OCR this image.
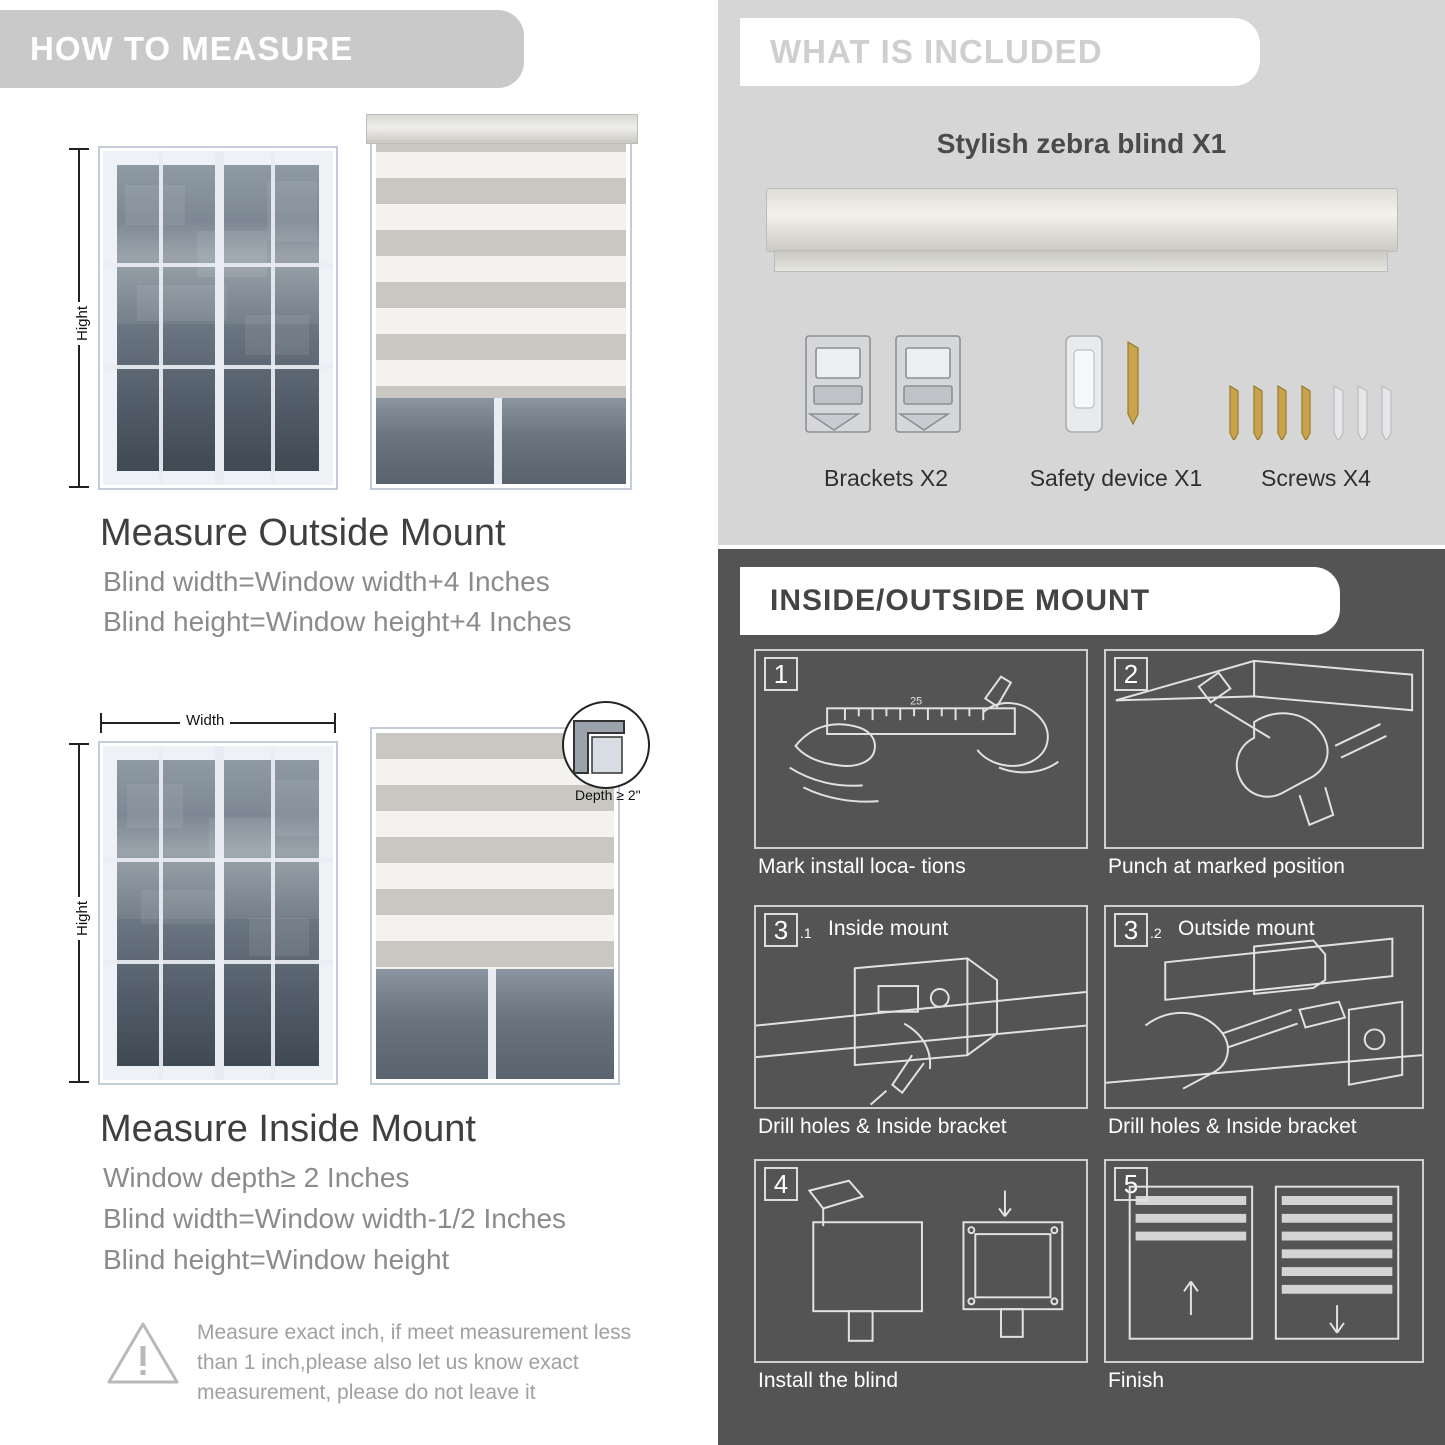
HOW TO MEASURE
Hight
Measure Outside Mount
Blind width=Window width+4 Inches
Blind height=Window height+4 Inches
Width
Hight
Depth ≥ 2"
Measure Inside Mount
Window depth≥ 2 Inches
Blind width=Window width-1/2 Inches
Blind height=Window height
Measure exact inch, if meet measurement less than 1 inch,please also let us know exact measurement, please do not leave it
WHAT IS INCLUDED
Stylish zebra blind X1
Brackets X2	Safety device X1	Screws X4
INSIDE/OUTSIDE MOUNT
1
25
Mark install loca- tions
2
Punch at marked position
3 .1 Inside mount
Drill holes & Inside bracket
3 .2 Outside mount
Drill holes & Inside bracket
4
Install the blind
5
Finish
